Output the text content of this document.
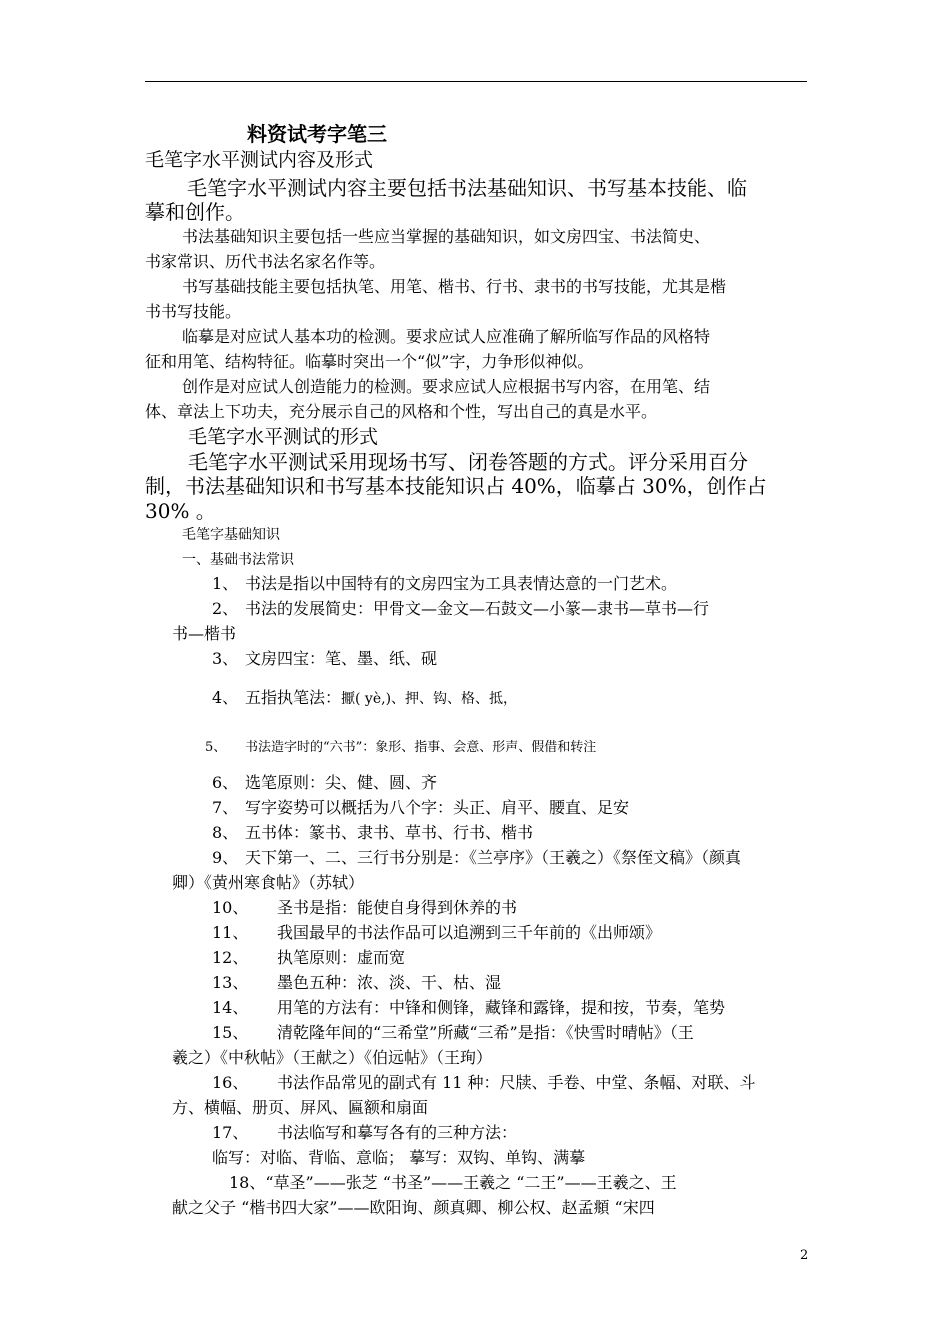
料资试考字笔三
毛笔字水平测试内容及形式
毛笔字水平测试内容主要包括书法基础知识、书写基本技能、临
摹和创作。
书法基础知识主要包括一些应当掌握的基础知识，如文房四宝、书法简史、
书家常识、历代书法名家名作等。
书写基础技能主要包括执笔、用笔、楷书、行书、隶书的书写技能，尤其是楷
书书写技能。
临摹是对应试人基本功的检测。要求应试人应准确了解所临写作品的风格特
征和用笔、结构特征。临摹时突出一个“似”字，力争形似神似。
创作是对应试人创造能力的检测。要求应试人应根据书写内容，在用笔、结
体、章法上下功夫，充分展示自己的风格和个性，写出自己的真是水平。
毛笔字水平测试的形式
毛笔字水平测试采用现场书写、闭卷答题的方式。评分采用百分
制，书法基础知识和书写基本技能知识占 40%，临摹占 30%，创作占
30% 。
毛笔字基础知识
一、基础书法常识
1、 书法是指以中国特有的文房四宝为工具表情达意的一门艺术。
2、 书法的发展简史：甲骨文—金文—石鼓文—小篆—隶书—草书—行
书—楷书
3、 文房四宝：笔、墨、纸、砚
4、 五指执笔法：擫( yè,)、押、钩、格、抵，
5、 书法造字时的“六书”：象形、指事、会意、形声、假借和转注
6、 选笔原则：尖、健、圆、齐
7、 写字姿势可以概括为八个字：头正、肩平、腰直、足安
8、 五书体：篆书、隶书、草书、行书、楷书
9、 天下第一、二、三行书分别是：《兰亭序》（王羲之）《祭侄文稿》（颜真
卿）《黄州寒食帖》（苏轼）
10、 圣书是指：能使自身得到休养的书
11、 我国最早的书法作品可以追溯到三千年前的《出师颂》
12、 执笔原则：虚而宽
13、 墨色五种：浓、淡、干、枯、湿
14、 用笔的方法有：中锋和侧锋，藏锋和露锋，提和按，节奏，笔势
15、 清乾隆年间的“三希堂”所藏“三希”是指：《快雪时晴帖》（王
羲之）《中秋帖》（王献之）《伯远帖》（王珣）
16、 书法作品常见的副式有 11 种：尺牍、手卷、中堂、条幅、对联、斗
方、横幅、册页、屏风、匾额和扇面
17、 书法临写和摹写各有的三种方法：
临写：对临、背临、意临； 摹写：双钩、单钩、满摹
18、“草圣”——张芝 “书圣”——王羲之 “二王”——王羲之、王
献之父子 “楷书四大家”——欧阳询、颜真卿、柳公权、赵孟頫 “宋四
2
